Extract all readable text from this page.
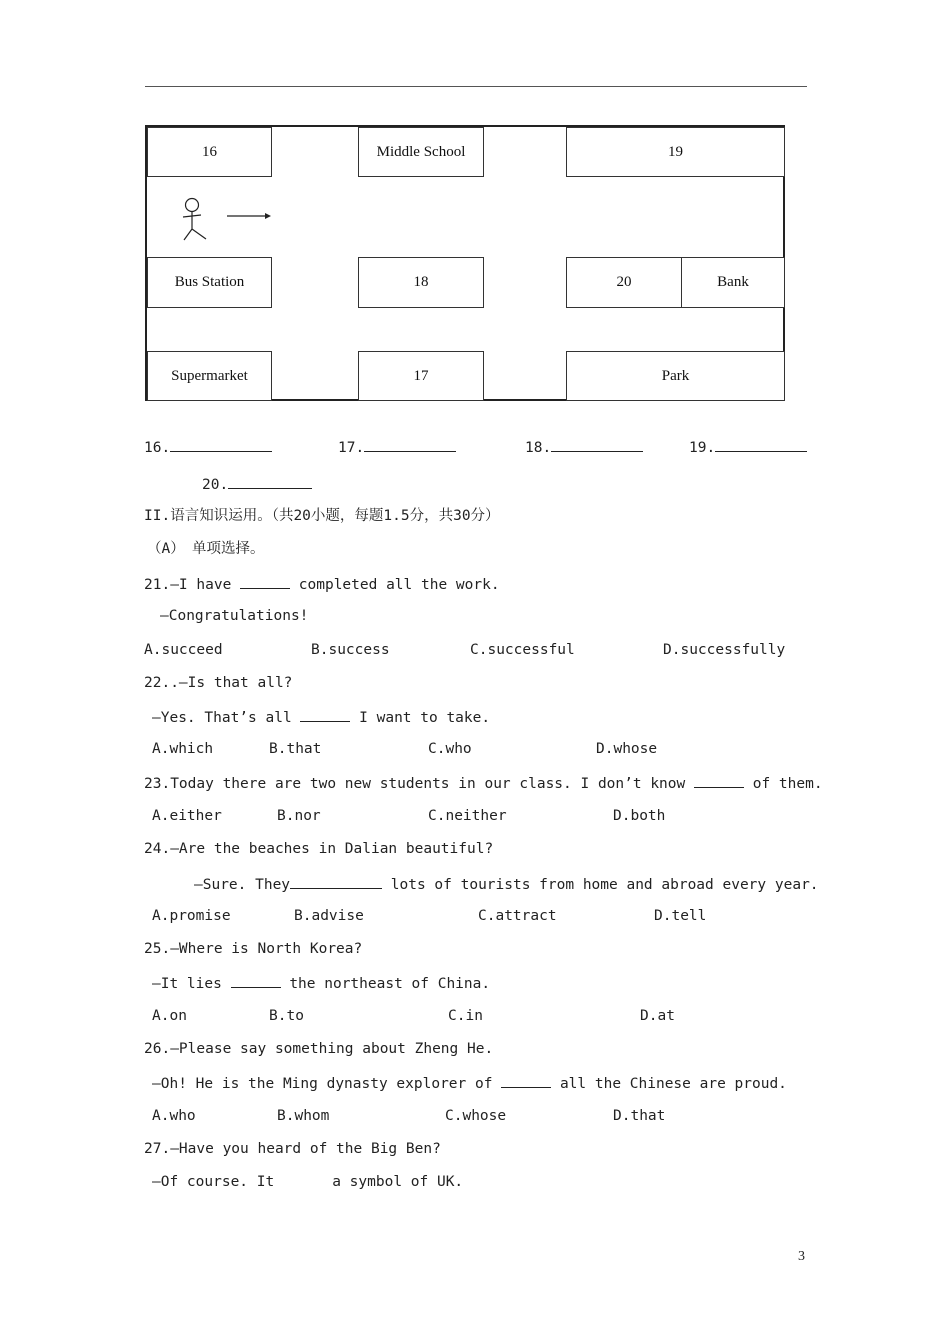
16	Middle School	19
Bus Station	18	20	Bank
Supermarket	17	Park
16.	17.	18.	19.
20.
II.语言知识运用。（共20小题，每题1.5分，共30分）
（A）　单项选择。
21.—I have	completed all the work.
—Congratulations!
A.succeed	B.success	C.successful	D.successfully
22..—Is that all?
—Yes. That’s all	I want to take.
A.which	B.that	C.who	D.whose
23.Today there are two new students in our class. I don’t know	of them.
A.either	B.nor	C.neither	D.both
24.—Are the beaches in Dalian beautiful?
—Sure. They	lots of tourists from home and abroad every year.
A.promise	B.advise	C.attract	D.tell
25.—Where is North Korea?
—It lies	the northeast of China.
A.on	B.to	C.in	D.at
26.—Please say something about Zheng He.
—Oh! He is the Ming dynasty explorer of	all the Chinese are proud.
A.who	B.whom	C.whose	D.that
27.—Have you heard of the Big Ben?
—Of course. It	a symbol of UK.
3
